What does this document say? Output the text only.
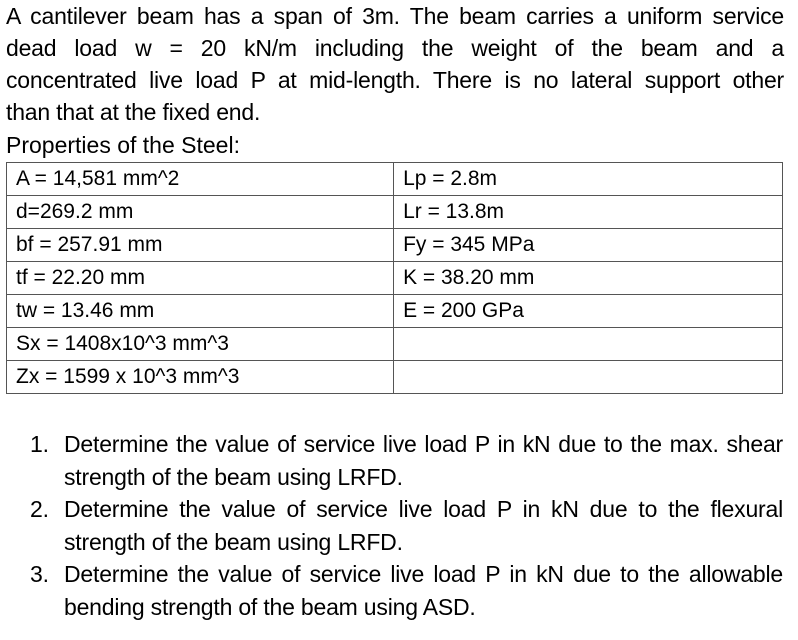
A cantilever beam has a span of 3m. The beam carries a uniform service
dead load w = 20 kN/m including the weight of the beam and a
concentrated live load P at mid-length. There is no lateral support other
than that at the fixed end.
Properties of the Steel:
A = 14,581 mm^2	Lp = 2.8m
d=269.2 mm	Lr = 13.8m
bf = 257.91 mm	Fy = 345 MPa
tf = 22.20 mm	K = 38.20 mm
tw = 13.46 mm	E = 200 GPa
Sx = 1408x10^3 mm^3	
Zx = 1599 x 10^3 mm^3	
1. Determine the value of service live load P in kN due to the max. shear strength of the beam using LRFD.
2. Determine the value of service live load P in kN due to the flexural strength of the beam using LRFD.
3. Determine the value of service live load P in kN due to the allowable bending strength of the beam using ASD.
